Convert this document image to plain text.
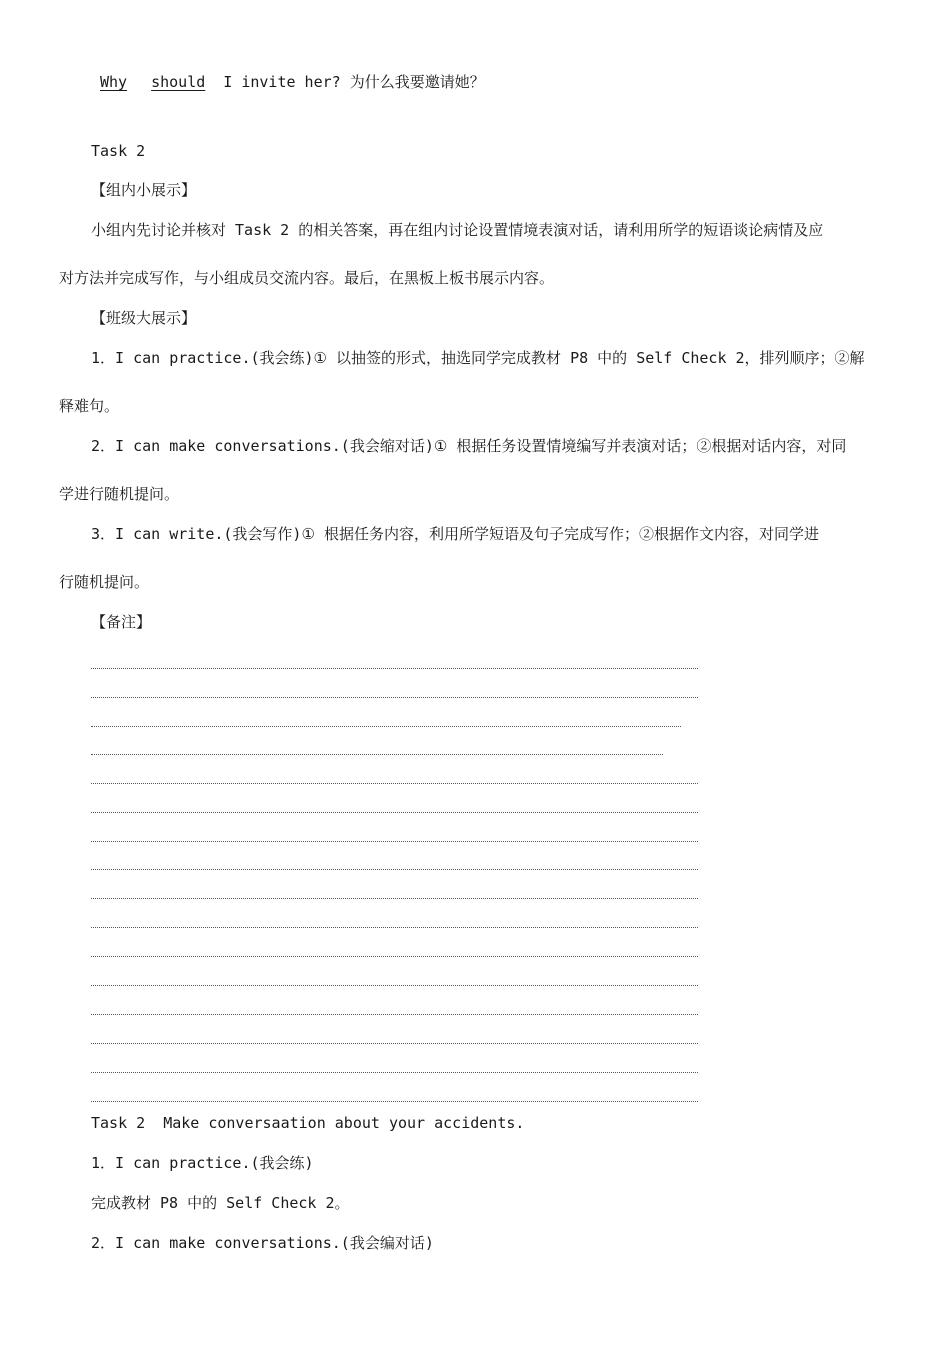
Why should I invite her? 为什么我要邀请她？
Task 2
【组内小展示】
小组内先讨论并核对 Task 2 的相关答案，再在组内讨论设置情境表演对话，请利用所学的短语谈论病情及应
对方法并完成写作，与小组成员交流内容。最后，在黑板上板书展示内容。
【班级大展示】
1．I can practice.(我会练)① 以抽签的形式，抽选同学完成教材 P8 中的 Self Check 2，排列顺序；②解
释难句。
2．I can make conversations.(我会缩对话)① 根据任务设置情境编写并表演对话；②根据对话内容，对同
学进行随机提问。
3．I can write.(我会写作)① 根据任务内容，利用所学短语及句子完成写作；②根据作文内容，对同学进
行随机提问。
【备注】
Task 2 Make conversaation about your accidents.
1．I can practice.(我会练)
完成教材 P8 中的 Self Check 2。
2．I can make conversations.(我会编对话)
